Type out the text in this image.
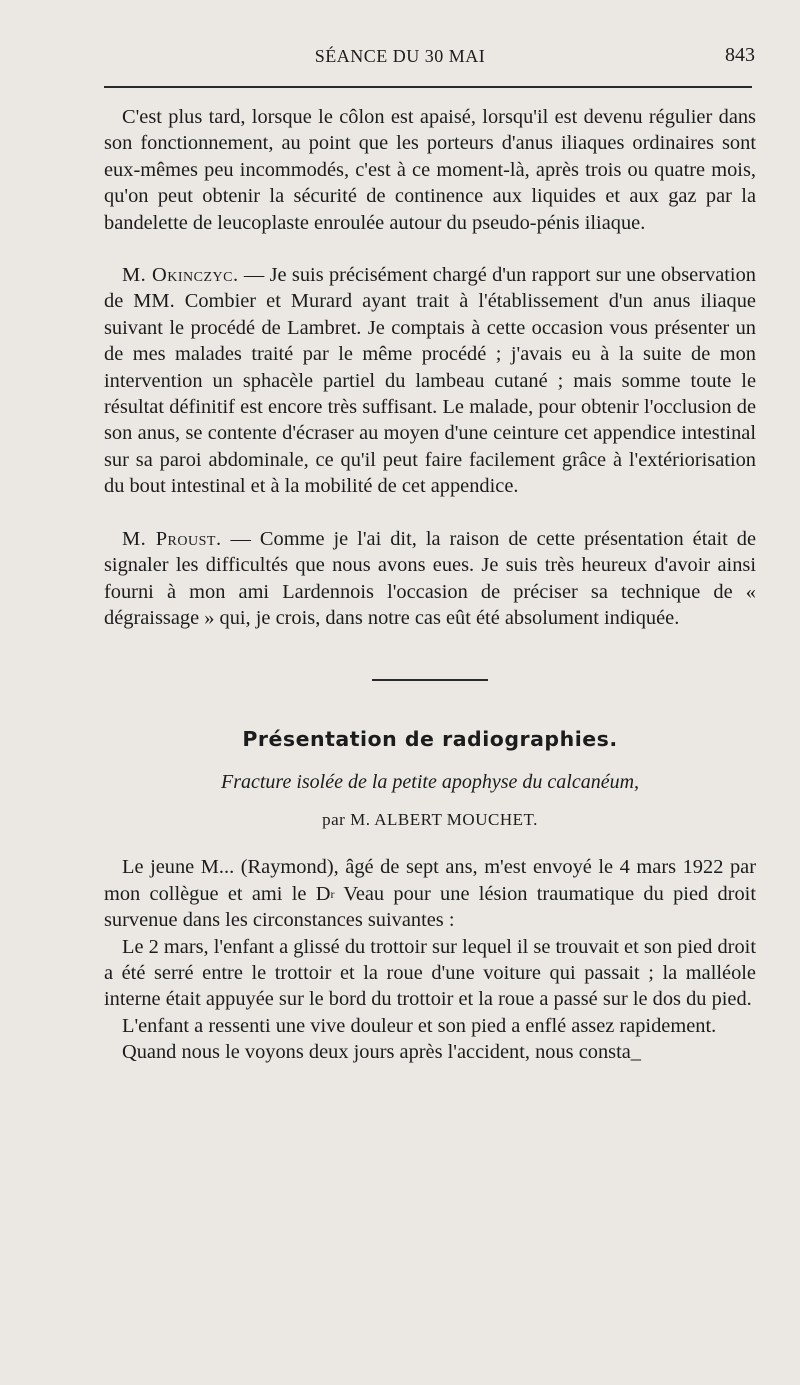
SÉANCE DU 30 MAI	843

C'est plus tard, lorsque le côlon est apaisé, lorsqu'il est devenu régulier dans son fonctionnement, au point que les porteurs d'anus iliaques ordinaires sont eux-mêmes peu incommodés, c'est à ce moment-là, après trois ou quatre mois, qu'on peut obtenir la sécurité de continence aux liquides et aux gaz par la bandelette de leucoplaste enroulée autour du pseudo-pénis iliaque.

M. Okinczyc. — Je suis précisément chargé d'un rapport sur une observation de MM. Combier et Murard ayant trait à l'établissement d'un anus iliaque suivant le procédé de Lambret. Je comptais à cette occasion vous présenter un de mes malades traité par le même procédé ; j'avais eu à la suite de mon intervention un sphacèle partiel du lambeau cutané ; mais somme toute le résultat définitif est encore très suffisant. Le malade, pour obtenir l'occlusion de son anus, se contente d'écraser au moyen d'une ceinture cet appendice intestinal sur sa paroi abdominale, ce qu'il peut faire facilement grâce à l'extériorisation du bout intestinal et à la mobilité de cet appendice.

M. Proust. — Comme je l'ai dit, la raison de cette présentation était de signaler les difficultés que nous avons eues. Je suis très heureux d'avoir ainsi fourni à mon ami Lardennois l'occasion de préciser sa technique de « dégraissage » qui, je crois, dans notre cas eût été absolument indiquée.

Présentation de radiographies.
Fracture isolée de la petite apophyse du calcanéum,
par M. ALBERT MOUCHET.

Le jeune M... (Raymond), âgé de sept ans, m'est envoyé le 4 mars 1922 par mon collègue et ami le $D^r$ Veau pour une lésion traumatique du pied droit survenue dans les circonstances suivantes :

Le 2 mars, l'enfant a glissé du trottoir sur lequel il se trouvait et son pied droit a été serré entre le trottoir et la roue d'une voiture qui passait ; la malléole interne était appuyée sur le bord du trottoir et la roue a passé sur le dos du pied.

L'enfant a ressenti une vive douleur et son pied a enflé assez rapidement.

Quand nous le voyons deux jours après l'accident, nous consta_
